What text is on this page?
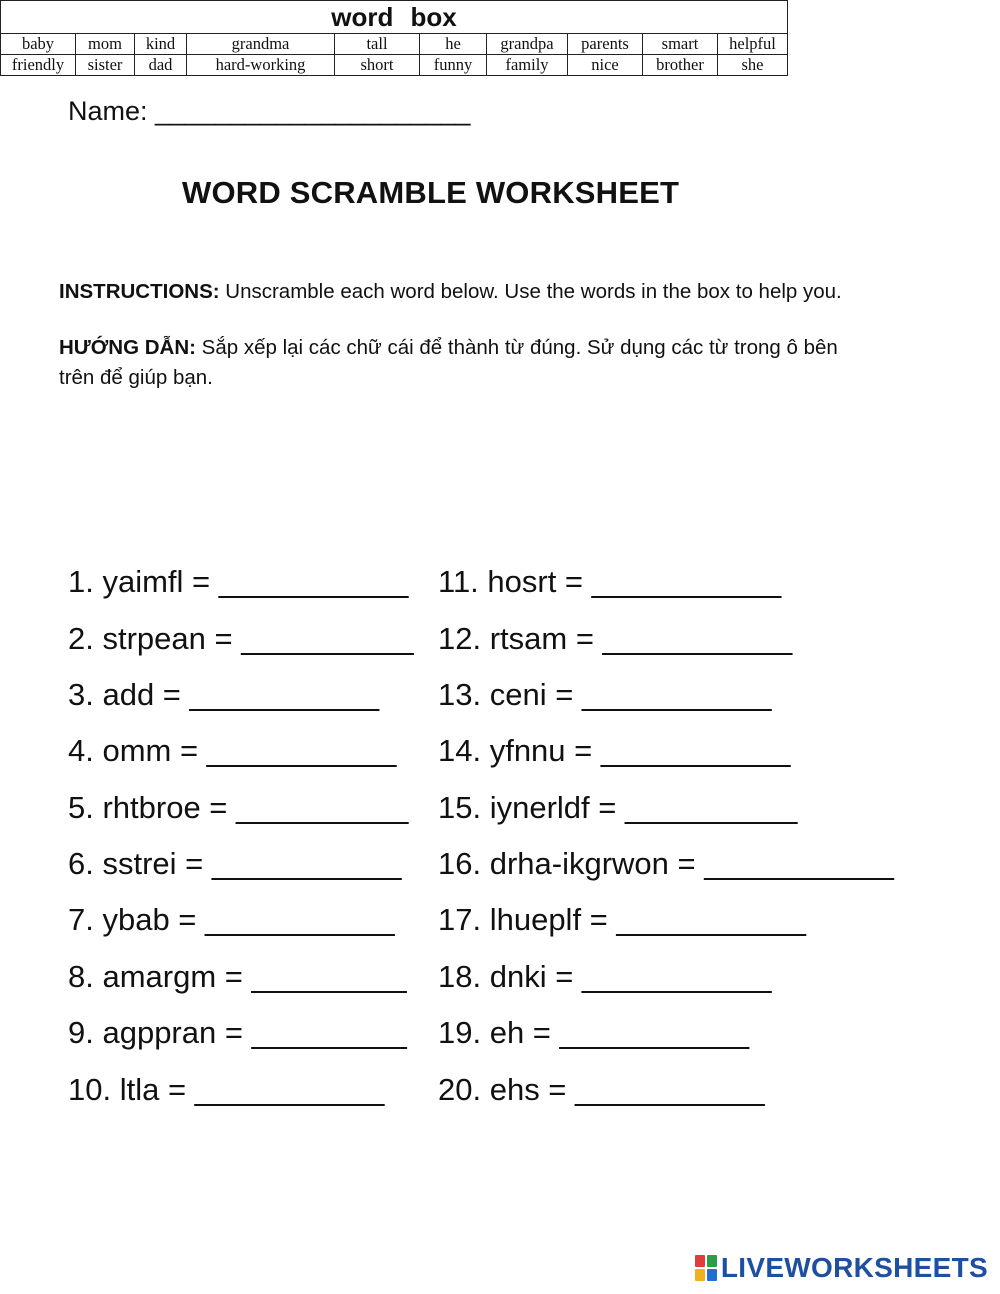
Name: _____________________
WORD SCRAMBLE WORKSHEET
INSTRUCTIONS: Unscramble each word below. Use the words in the box to help you.
HƯỚNG DẪN: Sắp xếp lại các chữ cái để thành từ đúng. Sử dụng các từ trong ô bên
trên để giúp bạn.
word box									
baby	mom	kind	grandma	tall	he	grandpa	parents	smart	helpful
friendly	sister	dad	hard-working	short	funny	family	nice	brother	she
1. yaimfl = ___________
2. strpean = __________
3. add = ___________
4. omm = ___________
5. rhtbroe = __________
6. sstrei = ___________
7. ybab = ___________
8. amargm = _________
9. agppran = _________
10. ltla = ___________
11. hosrt = ___________
12. rtsam = ___________
13. ceni = ___________
14. yfnnu = ___________
15. iynerldf = __________
16. drha-ikgrwon = ___________
17. lhueplf = ___________
18. dnki = ___________
19. eh = ___________
20. ehs = ___________
LIVEWORKSHEETS
